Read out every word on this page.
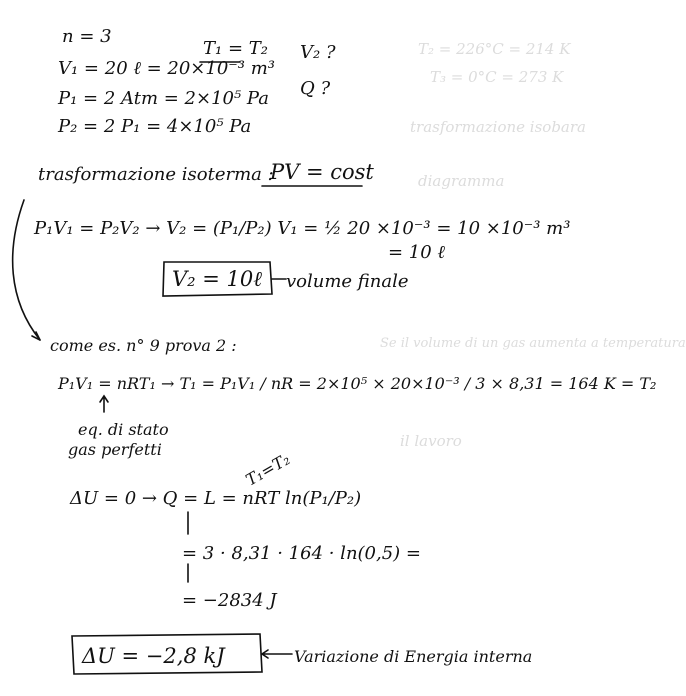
T₂ = 226°C = 214 K
T₃ = 0°C = 273 K
trasformazione isobara
diagramma
Se il volume di un gas aumenta a temperatura
il lavoro
n = 3
V₁ = 20 ℓ = 20×10⁻³ m³
P₁ = 2 Atm = 2×10⁵ Pa
P₂ = 2 P₁ = 4×10⁵ Pa
T₁ = T₂ V₂ ?
Q ?
trasformazione isoterma :
PV = cost
P₁V₁ = P₂V₂ → V₂ = (P₁/P₂) V₁ = ½ 20 ×10⁻³ = 10 ×10⁻³ m³
= 10 ℓ
V₂ = 10ℓ volume finale
come es. n° 9 prova 2 :
P₁V₁ = nRT₁ → T₁ = P₁V₁ / nR = 2×10⁵ × 20×10⁻³ / 3 × 8,31 = 164 K = T₂
eq. di stato
gas perfetti	T₁=T₂
ΔU = 0 → Q = L = nRT ln(P₁/P₂)
= 3 · 8,31 · 164 · ln(0,5) =
= −2834 J
ΔU = −2,8 kJ	Variazione di Energia interna
